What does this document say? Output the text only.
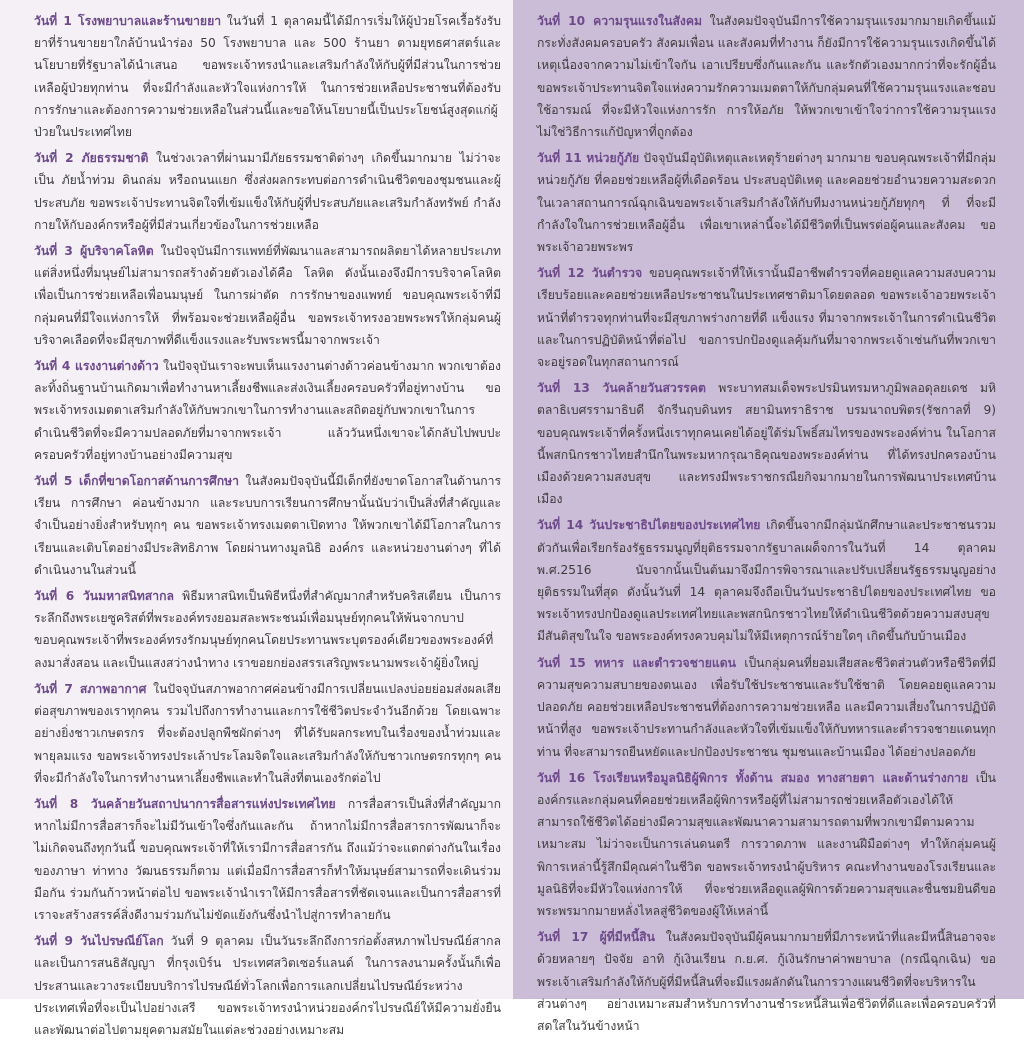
วันที่ 1 โรงพยาบาลและร้านขายยา ในวันที่ 1 ตุลาคมนี้ได้มีการเริ่มให้ผู้ป่วยโรคเรื้อรังรับยาที่ร้านขายยาใกล้บ้านนำร่อง 50 โรงพยาบาล และ 500 ร้านยา ตามยุทธศาสตร์และนโยบายที่รัฐบาลได้นำเสนอ ขอพระเจ้าทรงนำและเสริมกำลังให้กับผู้ที่มีส่วนในการช่วยเหลือผู้ป่วยทุกท่าน ที่จะมีกำลังและหัวใจแห่งการให้ ในการช่วยเหลือประชาชนที่ต้องรับการรักษาและต้องการความช่วยเหลือในส่วนนี้และขอให้นโยบายนี้เป็นประโยชน์สูงสุดแก่ผู้ป่วยในประเทศไทย

วันที่ 2 ภัยธรรมชาติ ในช่วงเวลาที่ผ่านมามีภัยธรรมชาติต่างๆ เกิดขึ้นมากมาย ไม่ว่าจะเป็น ภัยน้ำท่วม ดินถล่ม หรือถนนแยก ซึ่งส่งผลกระทบต่อการดำเนินชีวิตของชุมชนและผู้ประสบภัย ขอพระเจ้าประทานจิตใจที่เข้มแข็งให้กับผู้ที่ประสบภัยและเสริมกำลังทรัพย์ กำลังกายให้กับองค์กรหรือผู้ที่มีส่วนเกี่ยวข้องในการช่วยเหลือ

วันที่ 3 ผู้บริจาคโลหิต ในปัจจุบันมีการแพทย์ที่พัฒนาและสามารถผลิตยาได้หลายประเภท แต่สิ่งหนึ่งที่มนุษย์ไม่สามารถสร้างด้วยตัวเองได้คือ โลหิต ดังนั้นเองจึงมีการบริจาคโลหิตเพื่อเป็นการช่วยเหลือเพื่อนมนุษย์ ในการผ่าตัด การรักษาของแพทย์ ขอบคุณพระเจ้าที่มีกลุ่มคนที่มีใจแห่งการให้ ที่พร้อมจะช่วยเหลือผู้อื่น ขอพระเจ้าทรงอวยพระพรให้กลุ่มคนผู้บริจาคเลือดที่จะมีสุขภาพที่ดีแข็งแรงและรับพระพรนี้มาจากพระเจ้า

วันที่ 4 แรงงานต่างด้าว ในปัจจุบันเราจะพบเห็นแรงงานต่างด้าวค่อนข้างมาก พวกเขาต้องละทิ้งถิ่นฐานบ้านเกิดมาเพื่อทำงานหาเลี้ยงชีพและส่งเงินเลี้ยงครอบครัวที่อยู่ทางบ้าน ขอพระเจ้าทรงเมตตาเสริมกำลังให้กับพวกเขาในการทำงานและสถิตอยู่กับพวกเขาในการดำเนินชีวิตที่จะมีความปลอดภัยที่มาจากพระเจ้า แล้ววันหนึ่งเขาจะได้กลับไปพบปะครอบครัวที่อยู่ทางบ้านอย่างมีความสุข

วันที่ 5 เด็กที่ขาดโอกาสด้านการศึกษา ในสังคมปัจจุบันนี้มีเด็กที่ยังขาดโอกาสในด้านการเรียน การศึกษา ค่อนข้างมาก และระบบการเรียนการศึกษานั้นนับว่าเป็นสิ่งที่สำคัญและจำเป็นอย่างยิ่งสำหรับทุกๆ คน ขอพระเจ้าทรงเมตตาเปิดทาง ให้พวกเขาได้มีโอกาสในการเรียนและเติบโตอย่างมีประสิทธิภาพ โดยผ่านทางมูลนิธิ องค์กร และหน่วยงานต่างๆ ที่ได้ดำเนินงานในส่วนนี้

วันที่ 6 วันมหาสนิทสากล พิธีมหาสนิทเป็นพิธีหนึ่งที่สำคัญมากสำหรับคริสเตียน เป็นการระลึกถึงพระเยซูคริสต์ที่พระองค์ทรงยอมสละพระชนม์เพื่อมนุษย์ทุกคนให้พ้นจากบาป ขอบคุณพระเจ้าที่พระองค์ทรงรักมนุษย์ทุกคนโดยประทานพระบุตรองค์เดียวของพระองค์ที่ลงมาสั่งสอน และเป็นแสงสว่างนำทาง เราขอยกย่องสรรเสริญพระนามพระเจ้าผู้ยิ่งใหญ่

วันที่ 7 สภาพอากาศ ในปัจจุบันสภาพอากาศค่อนข้างมีการเปลี่ยนแปลงบ่อยย่อมส่งผลเสียต่อสุขภาพของเราทุกคน รวมไปถึงการทำงานและการใช้ชีวิตประจำวันอีกด้วย โดยเฉพาะอย่างยิ่งชาวเกษตรกร ที่จะต้องปลูกพืชผักต่างๆ ที่ได้รับผลกระทบในเรื่องของน้ำท่วมและพายุลมแรง ขอพระเจ้าทรงประเล้าประโลมจิตใจและเสริมกำลังให้กับชาวเกษตรกรทุกๆ คน ที่จะมีกำลังใจในการทำงานหาเลี้ยงชีพและทำในสิ่งที่ตนเองรักต่อไป

วันที่ 8 วันคล้ายวันสถาปนาการสื่อสารแห่งประเทศไทย การสื่อสารเป็นสิ่งที่สำคัญมาก หากไม่มีการสื่อสารก็จะไม่มีวันเข้าใจซึ่งกันและกัน ถ้าหากไม่มีการสื่อสารการพัฒนาก็จะไม่เกิดจนถึงทุกวันนี้ ขอบคุณพระเจ้าที่ให้เรามีการสื่อสารกัน ถึงแม้ว่าจะแตกต่างกันในเรื่องของภาษา ท่าทาง วัฒนธรรมก็ตาม แต่เมื่อมีการสื่อสารก็ทำให้มนุษย์สามารถที่จะเดินร่วมมือกัน ร่วมกันก้าวหน้าต่อไป ขอพระเจ้านำเราให้มีการสื่อสารที่ชัดเจนและเป็นการสื่อสารที่เราจะสร้างสรรค์สิ่งดีงามร่วมกันไม่ขัดแย้งกันซึ่งนำไปสู่การทำลายกัน

วันที่ 9 วันไปรษณีย์โลก วันที่ 9 ตุลาคม เป็นวันระลึกถึงการก่อตั้งสหภาพไปรษณีย์สากลและเป็นการสนธิสัญญา ที่กรุงเบิร์น ประเทศสวิตเซอร์แลนด์ ในการลงนามครั้งนั้นก็เพื่อประสานและวางระเบียบบริการไปรษณีย์ทั่วโลกเพื่อการแลกเปลี่ยนไปรษณีย์ระหว่างประเทศเพื่อที่จะเป็นไปอย่างเสรี ขอพระเจ้าทรงนำหน่วยองค์กรไปรษณีย์ให้มีความยั่งยืนและพัฒนาต่อไปตามยุคตามสมัยในแต่ละช่วงอย่างเหมาะสม

วันที่ 10 ความรุนแรงในสังคม ในสังคมปัจจุบันมีการใช้ความรุนแรงมากมายเกิดขึ้นแม้กระทั่งสังคมครอบครัว สังคมเพื่อน และสังคมที่ทำงาน ก็ยังมีการใช้ความรุนแรงเกิดขึ้นได้ เหตุเนื่องจากความไม่เข้าใจกัน เอาเปรียบซึ่งกันและกัน และรักตัวเองมากกว่าที่จะรักผู้อื่น ขอพระเจ้าประทานจิตใจแห่งความรักความเมตตาให้กับกลุ่มคนที่ใช้ความรุนแรงและชอบใช้อารมณ์ ที่จะมีหัวใจแห่งการรัก การให้อภัย ให้พวกเขาเข้าใจว่าการใช้ความรุนแรงไม่ใช่วิธีการแก้ปัญหาที่ถูกต้อง

วันที่ 11 หน่วยกู้ภัย ปัจจุบันมีอุบัติเหตุและเหตุร้ายต่างๆ มากมาย ขอบคุณพระเจ้าที่มีกลุ่มหน่วยกู้ภัย ที่คอยช่วยเหลือผู้ที่เดือดร้อน ประสบอุบัติเหตุ และคอยช่วยอำนวยความสะดวกในเวลาสถานการณ์ฉุกเฉินขอพระเจ้าเสริมกำลังให้กับทีมงานหน่วยกู้ภัยทุกๆ ที่ ที่จะมีกำลังใจในการช่วยเหลือผู้อื่น เพื่อเขาเหล่านี้จะได้มีชีวิตที่เป็นพรต่อผู้คนและสังคม ขอพระเจ้าอวยพระพร

วันที่ 12 วันตำรวจ ขอบคุณพระเจ้าที่ให้เรานั้นมีอาชีพตำรวจที่คอยดูแลความสงบความเรียบร้อยและคอยช่วยเหลือประชาชนในประเทศชาติมาโดยตลอด ขอพระเจ้าอวยพระเจ้าหน้าที่ตำรวจทุกท่านที่จะมีสุขภาพร่างกายที่ดี แข็งแรง ที่มาจากพระเจ้าในการดำเนินชีวิตและในการปฏิบัติหน้าที่ต่อไป ขอการปกป้องดูแลคุ้มกันที่มาจากพระเจ้าเช่นกันที่พวกเขาจะอยู่รอดในทุกสถานการณ์

วันที่ 13 วันคล้ายวันสวรรคต พระบาทสมเด็จพระปรมินทรมหาภูมิพลอดุลยเดช มหิตลาธิเบศรรามาธิบดี จักรีนฤบดินทร สยามินทราธิราช บรมนาถบพิตร(รัชกาลที่ 9) ขอบคุณพระเจ้าที่ครั้งหนึ่งเราทุกคนเคยได้อยู่ใต้ร่มโพธิ์สมไทรของพระองค์ท่าน ในโอกาสนี้พสกนิกรชาวไทยสำนึกในพระมหากรุณาธิคุณของพระองค์ท่าน ที่ได้ทรงปกครองบ้านเมืองด้วยความสงบสุข และทรงมีพระราชกรณียกิจมากมายในการพัฒนาประเทศบ้านเมือง

วันที่ 14 วันประชาธิปไตยของประเทศไทย เกิดขึ้นจากมีกลุ่มนักศึกษาและประชาชนรวมตัวกันเพื่อเรียกร้องรัฐธรรมนูญที่ยุติธรรมจากรัฐบาลเผด็จการในวันที่ 14 ตุลาคม พ.ศ.2516 นับจากนั้นเป็นต้นมาจึงมีการพิจารณาและปรับเปลี่ยนรัฐธรรมนูญอย่างยุติธรรมในที่สุด ดังนั้นวันที่ 14 ตุลาคมจึงถือเป็นวันประชาธิปไตยของประเทศไทย ขอพระเจ้าทรงปกป้องดูแลประเทศไทยและพสกนิกรชาวไทยให้ดำเนินชีวิตด้วยความสงบสุขมีสันติสุขในใจ ขอพระองค์ทรงควบคุมไม่ให้มีเหตุการณ์ร้ายใดๆ เกิดขึ้นกับบ้านเมือง

วันที่ 15 ทหาร และตำรวจชายแดน เป็นกลุ่มคนที่ยอมเสียสละชีวิตส่วนตัวหรือชีวิตที่มีความสุขความสบายของตนเอง เพื่อรับใช้ประชาชนและรับใช้ชาติ โดยคอยดูแลความปลอดภัย คอยช่วยเหลือประชาชนที่ต้องการความช่วยเหลือ และมีความเสี่ยงในการปฏิบัติหน้าที่สูง ขอพระเจ้าประทานกำลังและหัวใจที่เข้มแข็งให้กับทหารและตำรวจชายแดนทุกท่าน ที่จะสามารถยืนหยัดและปกป้องประชาชน ชุมชนและบ้านเมือง ได้อย่างปลอดภัย

วันที่ 16 โรงเรียนหรือมูลนิธิผู้พิการ ทั้งด้าน สมอง ทางสายตา และด้านร่างกาย เป็นองค์กรและกลุ่มคนที่คอยช่วยเหลือผู้พิการหรือผู้ที่ไม่สามารถช่วยเหลือตัวเองได้ให้สามารถใช้ชีวิตได้อย่างมีความสุขและพัฒนาความสามารถตามที่พวกเขามีตามความเหมาะสม ไม่ว่าจะเป็นการเล่นดนตรี การวาดภาพ และงานฝีมือต่างๆ ทำให้กลุ่มคนผู้พิการเหล่านี้รู้สึกมีคุณค่าในชีวิต ขอพระเจ้าทรงนำผู้บริหาร คณะทำงานของโรงเรียนและมูลนิธิที่จะมีหัวใจแห่งการให้ ที่จะช่วยเหลือดูแลผู้พิการด้วยความสุขและชื่นชมยินดีขอพระพรมากมายหลั่งไหลสู่ชีวิตของผู้ให้เหล่านี้

วันที่ 17 ผู้ที่มีหนี้สิน ในสังคมปัจจุบันมีผู้คนมากมายที่มีภาระหน้าที่และมีหนี้สินอาจจะด้วยหลายๆ ปัจจัย อาทิ กู้เงินเรียน ก.ย.ศ. กู้เงินรักษาค่าพยาบาล (กรณีฉุกเฉิน) ขอพระเจ้าเสริมกำลังให้กับผู้ที่มีหนี้สินที่จะมีแรงผลักดันในการวางแผนชีวิตที่จะบริหารในส่วนต่างๆ อย่างเหมาะสมสำหรับการทำงานชำระหนี้สินเพื่อชีวิตที่ดีและเพื่อครอบครัวที่สดใสในวันข้างหน้า
